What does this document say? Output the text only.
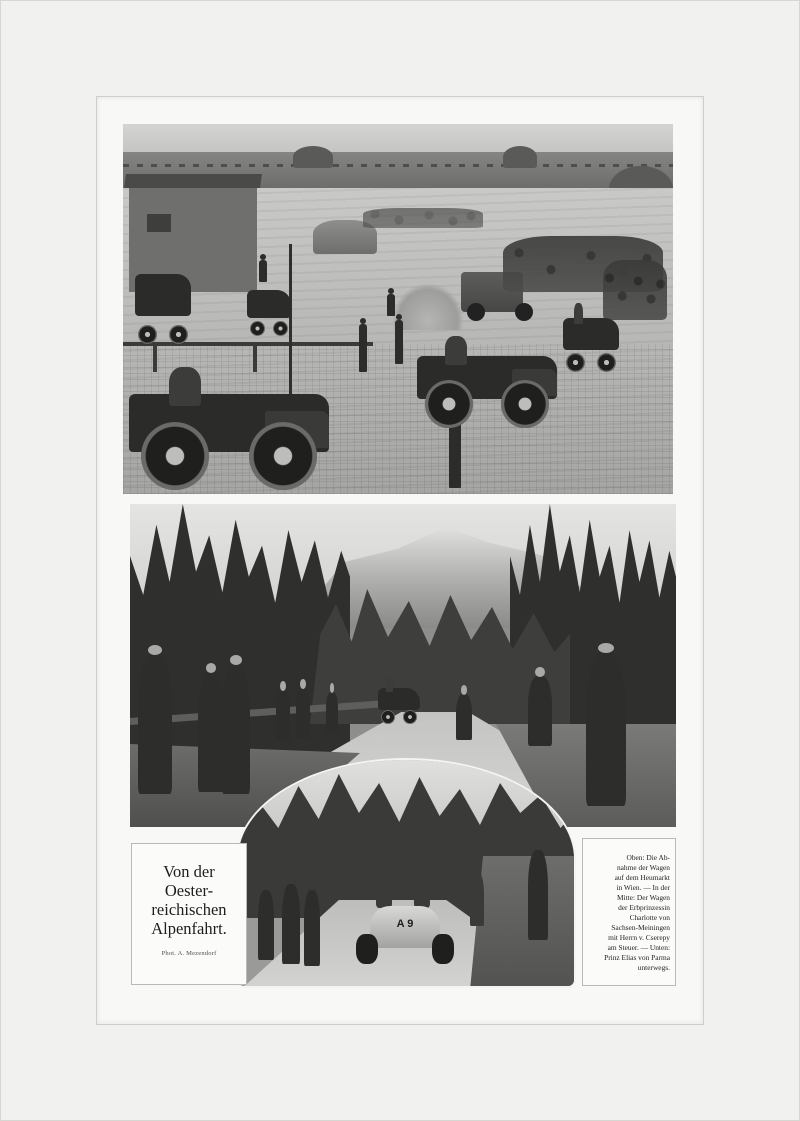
A 9
Von der
Oester-
reichischen
Alpenfahrt.
Phot. A. Mezendorf
Oben: Die Ab-
nahme der Wagen
auf dem Heumarkt
in Wien. — In der
Mitte: Der Wagen
der Erbprinzessin
Charlotte von
Sachsen-Meiningen
mit Herrn v. Cserepy
am Steuer. — Unten:
Prinz Elias von Parma
unterwegs.
